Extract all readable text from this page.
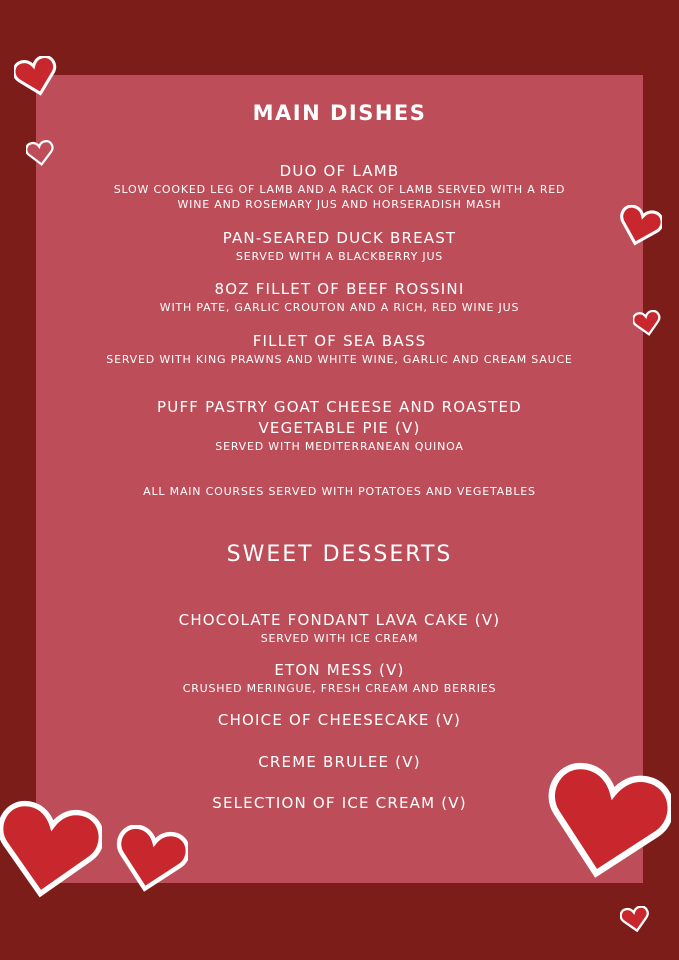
MAIN DISHES
DUO OF LAMB
SLOW COOKED LEG OF LAMB AND A RACK OF LAMB SERVED WITH A RED WINE AND ROSEMARY JUS AND HORSERADISH MASH
PAN-SEARED DUCK BREAST
SERVED WITH A BLACKBERRY JUS
8OZ FILLET OF BEEF ROSSINI
WITH PATE, GARLIC CROUTON AND A RICH, RED WINE JUS
FILLET OF SEA BASS
SERVED WITH KING PRAWNS AND WHITE WINE, GARLIC AND CREAM SAUCE
PUFF PASTRY GOAT CHEESE AND ROASTED VEGETABLE PIE (V)
SERVED WITH MEDITERRANEAN QUINOA
ALL MAIN COURSES SERVED WITH POTATOES AND VEGETABLES
SWEET DESSERTS
CHOCOLATE FONDANT LAVA CAKE (V)
SERVED WITH ICE CREAM
ETON MESS (V)
CRUSHED MERINGUE, FRESH CREAM AND BERRIES
CHOICE OF CHEESECAKE (V)
CREME BRULEE (V)
SELECTION OF ICE CREAM (V)
